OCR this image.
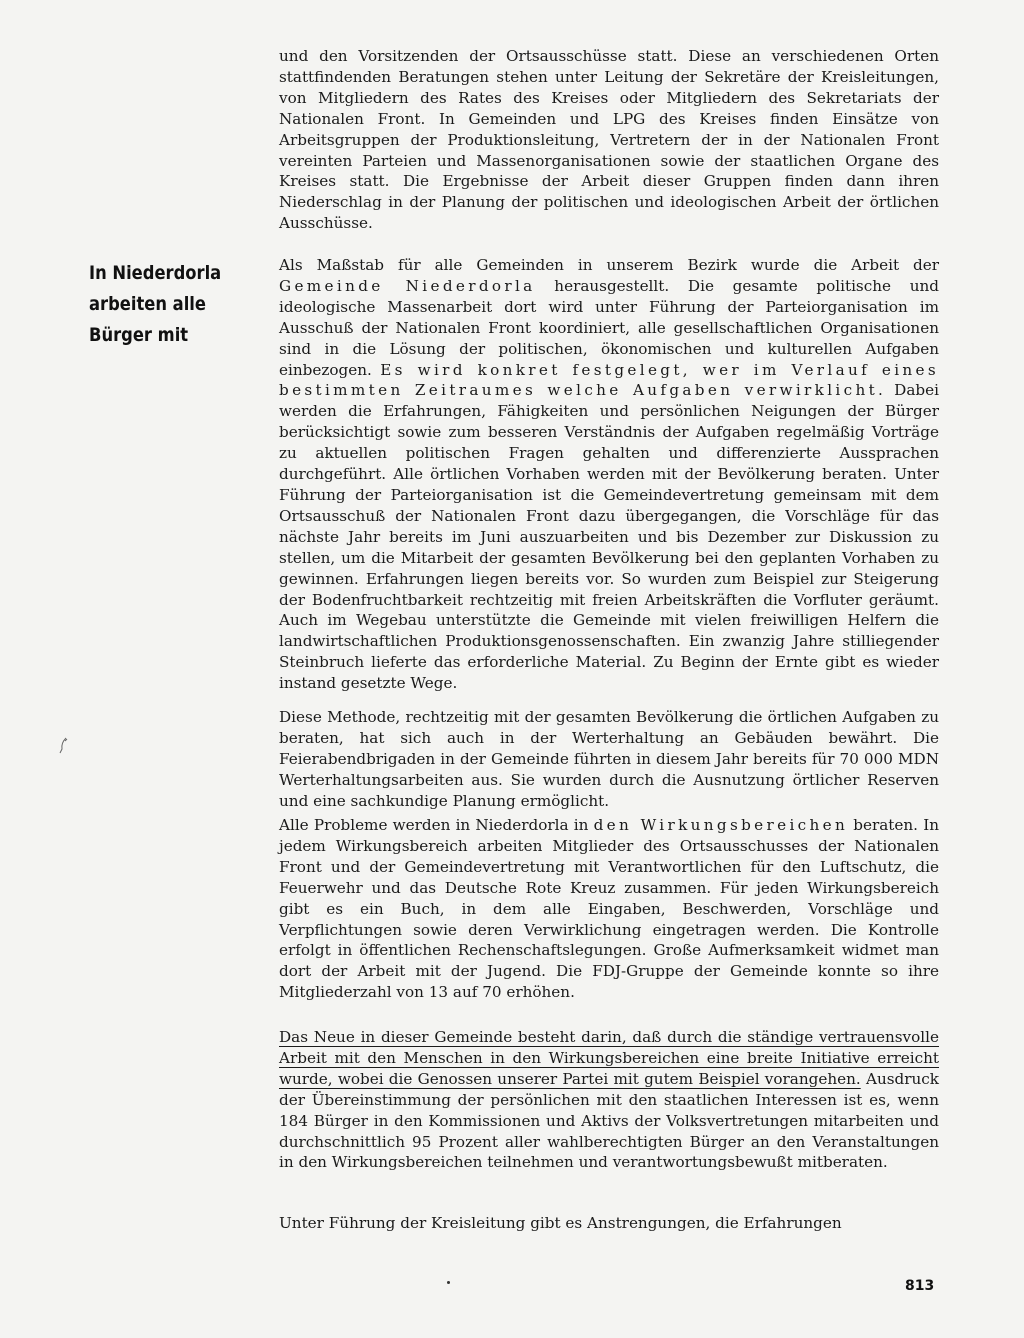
In Niederdorla
arbeiten alle
Bürger mit

und den Vorsitzenden der Ortsausschüsse statt. Diese an verschiedenen Orten stattfindenden Beratungen stehen unter Leitung der Sekretäre der Kreisleitungen, von Mitgliedern des Rates des Kreises oder Mitgliedern des Sekretariats der Nationalen Front. In Gemeinden und LPG des Kreises finden Einsätze von Arbeitsgruppen der Produktionsleitung, Vertretern der in der Nationalen Front vereinten Parteien und Massenorganisationen sowie der staatlichen Organe des Kreises statt. Die Ergebnisse der Arbeit dieser Gruppen finden dann ihren Niederschlag in der Planung der politischen und ideologischen Arbeit der örtlichen Ausschüsse.

Als Maßstab für alle Gemeinden in unserem Bezirk wurde die Arbeit der Gemeinde Niederdorla herausgestellt. Die gesamte politische und ideologische Massenarbeit dort wird unter Führung der Parteiorganisation im Ausschuß der Nationalen Front koordiniert, alle gesellschaftlichen Organisationen sind in die Lösung der politischen, ökonomischen und kulturellen Aufgaben einbezogen. Es wird konkret festgelegt, wer im Verlauf eines bestimmten Zeitraumes welche Aufgaben verwirklicht. Dabei werden die Erfahrungen, Fähigkeiten und persönlichen Neigungen der Bürger berücksichtigt sowie zum besseren Verständnis der Aufgaben regelmäßig Vorträge zu aktuellen politischen Fragen gehalten und differenzierte Aussprachen durchgeführt. Alle örtlichen Vorhaben werden mit der Bevölkerung beraten. Unter Führung der Parteiorganisation ist die Gemeindevertretung gemeinsam mit dem Ortsausschuß der Nationalen Front dazu übergegangen, die Vorschläge für das nächste Jahr bereits im Juni auszuarbeiten und bis Dezember zur Diskussion zu stellen, um die Mitarbeit der gesamten Bevölkerung bei den geplanten Vorhaben zu gewinnen. Erfahrungen liegen bereits vor. So wurden zum Beispiel zur Steigerung der Bodenfruchtbarkeit rechtzeitig mit freien Arbeitskräften die Vorfluter geräumt. Auch im Wegebau unterstützte die Gemeinde mit vielen freiwilligen Helfern die landwirtschaftlichen Produktionsgenossenschaften. Ein zwanzig Jahre stilliegender Steinbruch lieferte das erforderliche Material. Zu Beginn der Ernte gibt es wieder instand gesetzte Wege.

Diese Methode, rechtzeitig mit der gesamten Bevölkerung die örtlichen Aufgaben zu beraten, hat sich auch in der Werterhaltung an Gebäuden bewährt. Die Feierabendbrigaden in der Gemeinde führten in diesem Jahr bereits für 70 000 MDN Werterhaltungsarbeiten aus. Sie wurden durch die Ausnutzung örtlicher Reserven und eine sachkundige Planung ermöglicht.

Alle Probleme werden in Niederdorla in den Wirkungsbereichen beraten. In jedem Wirkungsbereich arbeiten Mitglieder des Ortsausschusses der Nationalen Front und der Gemeindevertretung mit Verantwortlichen für den Luftschutz, die Feuerwehr und das Deutsche Rote Kreuz zusammen. Für jeden Wirkungsbereich gibt es ein Buch, in dem alle Eingaben, Beschwerden, Vorschläge und Verpflichtungen sowie deren Verwirklichung eingetragen werden. Die Kontrolle erfolgt in öffentlichen Rechenschaftslegungen. Große Aufmerksamkeit widmet man dort der Arbeit mit der Jugend. Die FDJ-Gruppe der Gemeinde konnte so ihre Mitgliederzahl von 13 auf 70 erhöhen.

Das Neue in dieser Gemeinde besteht darin, daß durch die ständige vertrauensvolle Arbeit mit den Menschen in den Wirkungsbereichen eine breite Initiative erreicht wurde, wobei die Genossen unserer Partei mit gutem Beispiel vorangehen. Ausdruck der Übereinstimmung der persönlichen mit den staatlichen Interessen ist es, wenn 184 Bürger in den Kommissionen und Aktivs der Volksvertretungen mitarbeiten und durchschnittlich 95 Prozent aller wahlberechtigten Bürger an den Veranstaltungen in den Wirkungsbereichen teilnehmen und verantwortungsbewußt mitberaten.

Unter Führung der Kreisleitung gibt es Anstrengungen, die Erfahrungen

813
